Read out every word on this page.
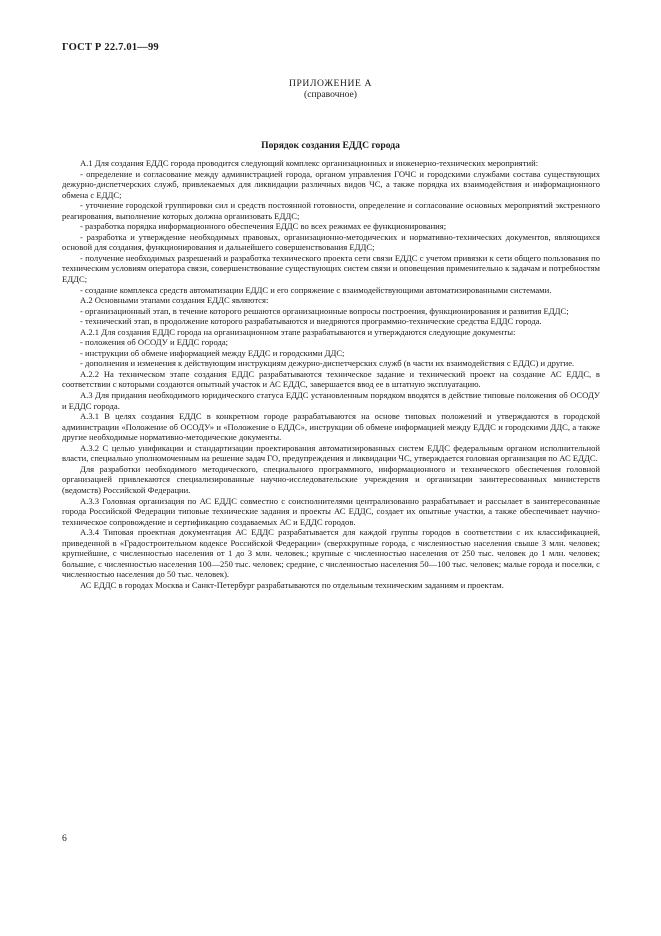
ГОСТ Р 22.7.01—99
ПРИЛОЖЕНИЕ А
(справочное)
Порядок создания ЕДДС города

А.1 Для создания ЕДДС города проводится следующий комплекс организационных и инженерно-технических мероприятий:

- определение и согласование между администрацией города, органом управления ГОЧС и городскими службами состава существующих дежурно-диспетчерских служб, привлекаемых для ликвидации различных видов ЧС, а также порядка их взаимодействия и информационного обмена с ЕДДС;

- уточнение городской группировки сил и средств постоянной готовности, определение и согласование основных мероприятий экстренного реагирования, выполнение которых должна организовать ЕДДС;

- разработка порядка информационного обеспечения ЕДДС во всех режимах ее функционирования;

- разработка и утверждение необходимых правовых, организационно-методических и нормативно-технических документов, являющихся основой для создания, функционирования и дальнейшего совершенствования ЕДДС;

- получение необходимых разрешений и разработка технического проекта сети связи ЕДДС с учетом привязки к сети общего пользования по техническим условиям оператора связи, совершенствование существующих систем связи и оповещения применительно к задачам и потребностям ЕДДС;

- создание комплекса средств автоматизации ЕДДС и его сопряжение с взаимодействующими автоматизированными системами.

А.2 Основными этапами создания ЕДДС являются:

- организационный этап, в течение которого решаются организационные вопросы построения, функционирования и развития ЕДДС;

- технический этап, в продолжение которого разрабатываются и внедряются программно-технические средства ЕДДС города.

А.2.1 Для создания ЕДДС города на организационном этапе разрабатываются и утверждаются следующие документы:

- положения об ОСОДУ и ЕДДС города;

- инструкции об обмене информацией между ЕДДС и городскими ДДС;

- дополнения и изменения к действующим инструкциям дежурно-диспетчерских служб (в части их взаимодействия с ЕДДС) и другие.

А.2.2 На техническом этапе создания ЕДДС разрабатываются техническое задание и технический проект на создание АС ЕДДС, в соответствии с которыми создаются опытный участок и АС ЕДДС, завершается ввод ее в штатную эксплуатацию.

А.3 Для придания необходимого юридического статуса ЕДДС установленным порядком вводятся в действие типовые положения об ОСОДУ и ЕДДС города.

А.3.1 В целях создания ЕДДС в конкретном городе разрабатываются на основе типовых положений и утверждаются в городской администрации «Положение об ОСОДУ» и «Положение о ЕДДС», инструкции об обмене информацией между ЕДДС и городскими ДДС, а также другие необходимые нормативно-методические документы.

А.3.2 С целью унификации и стандартизации проектирования автоматизированных систем ЕДДС федеральным органом исполнительной власти, специально уполномоченным на решение задач ГО, предупреждения и ликвидации ЧС, утверждается головная организация по АС ЕДДС.

Для разработки необходимого методического, специального программного, информационного и технического обеспечения головной организацией привлекаются специализированные научно-исследовательские учреждения и организации заинтересованных министерств (ведомств) Российской Федерации.

А.3.3 Головная организация по АС ЕДДС совместно с соисполнителями централизованно разрабатывает и рассылает в заинтересованные города Российской Федерации типовые технические задания и проекты АС ЕДДС, создает их опытные участки, а также обеспечивает научно-техническое сопровождение и сертификацию создаваемых АС и ЕДДС городов.

А.3.4 Типовая проектная документация АС ЕДДС разрабатывается для каждой группы городов в соответствии с их классификацией, приведенной в «Градостроительном кодексе Российской Федерации» (сверхкрупные города, с численностью населения свыше 3 млн. человек; крупнейшие, с численностью населения от 1 до 3 млн. человек.; крупные с численностью населения от 250 тыс. человек до 1 млн. человек; большие, с численностью населения 100—250 тыс. человек; средние, с численностью населения 50—100 тыс. человек; малые города и поселки, с численностью населения до 50 тыс. человек).

АС ЕДДС в городах Москва и Санкт-Петербург разрабатываются по отдельным техническим заданиям и проектам.

6
